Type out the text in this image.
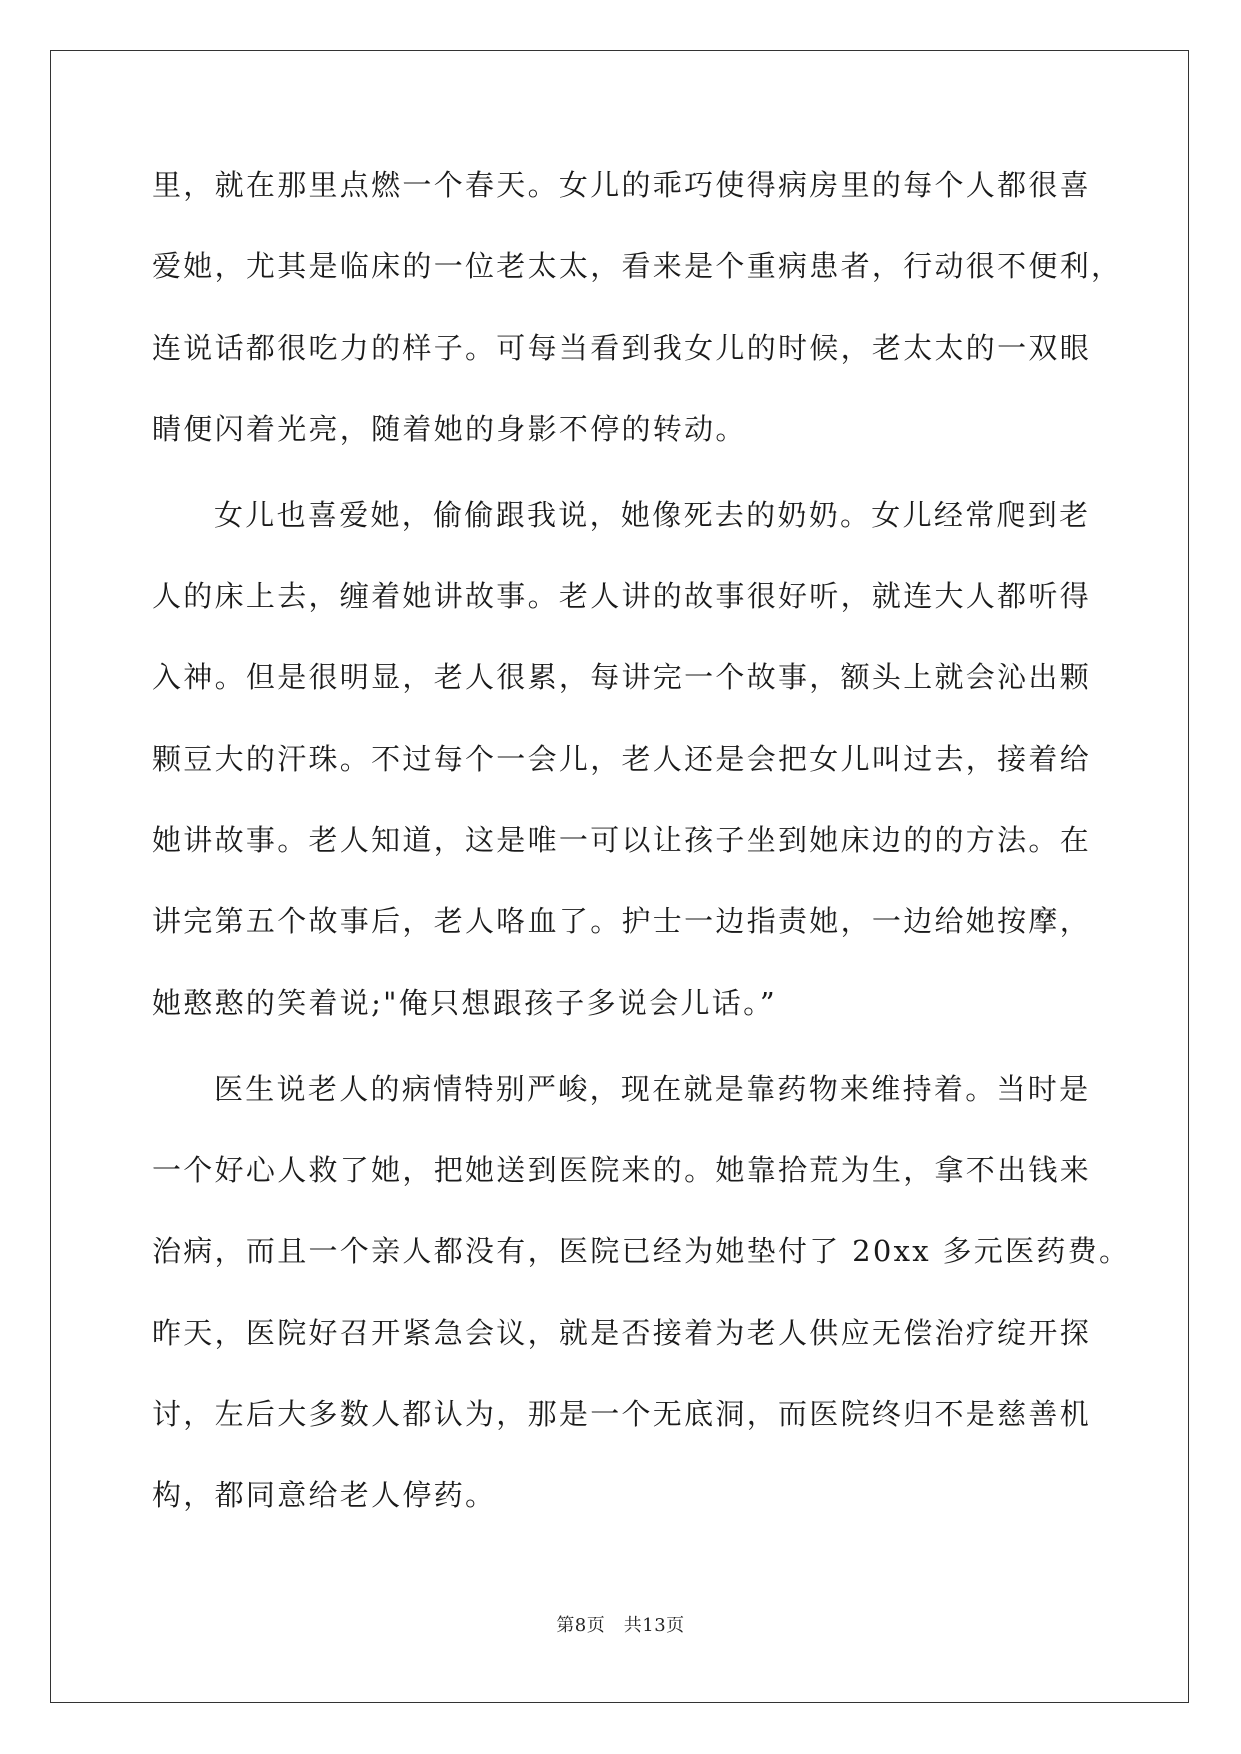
里，就在那里点燃一个春天。女儿的乖巧使得病房里的每个人都很喜
爱她，尤其是临床的一位老太太，看来是个重病患者，行动很不便利，
连说话都很吃力的样子。可每当看到我女儿的时候，老太太的一双眼
睛便闪着光亮，随着她的身影不停的转动。
女儿也喜爱她，偷偷跟我说，她像死去的奶奶。女儿经常爬到老
人的床上去，缠着她讲故事。老人讲的故事很好听，就连大人都听得
入神。但是很明显，老人很累，每讲完一个故事，额头上就会沁出颗
颗豆大的汗珠。不过每个一会儿，老人还是会把女儿叫过去，接着给
她讲故事。老人知道，这是唯一可以让孩子坐到她床边的的方法。在
讲完第五个故事后，老人咯血了。护士一边指责她，一边给她按摩，
她憨憨的笑着说;"俺只想跟孩子多说会儿话。”
医生说老人的病情特别严峻，现在就是靠药物来维持着。当时是
一个好心人救了她，把她送到医院来的。她靠拾荒为生，拿不出钱来
治病，而且一个亲人都没有，医院已经为她垫付了 20xx 多元医药费。
昨天，医院好召开紧急会议，就是否接着为老人供应无偿治疗绽开探
讨，左后大多数人都认为，那是一个无底洞，而医院终归不是慈善机
构，都同意给老人停药。
第8页　共13页
